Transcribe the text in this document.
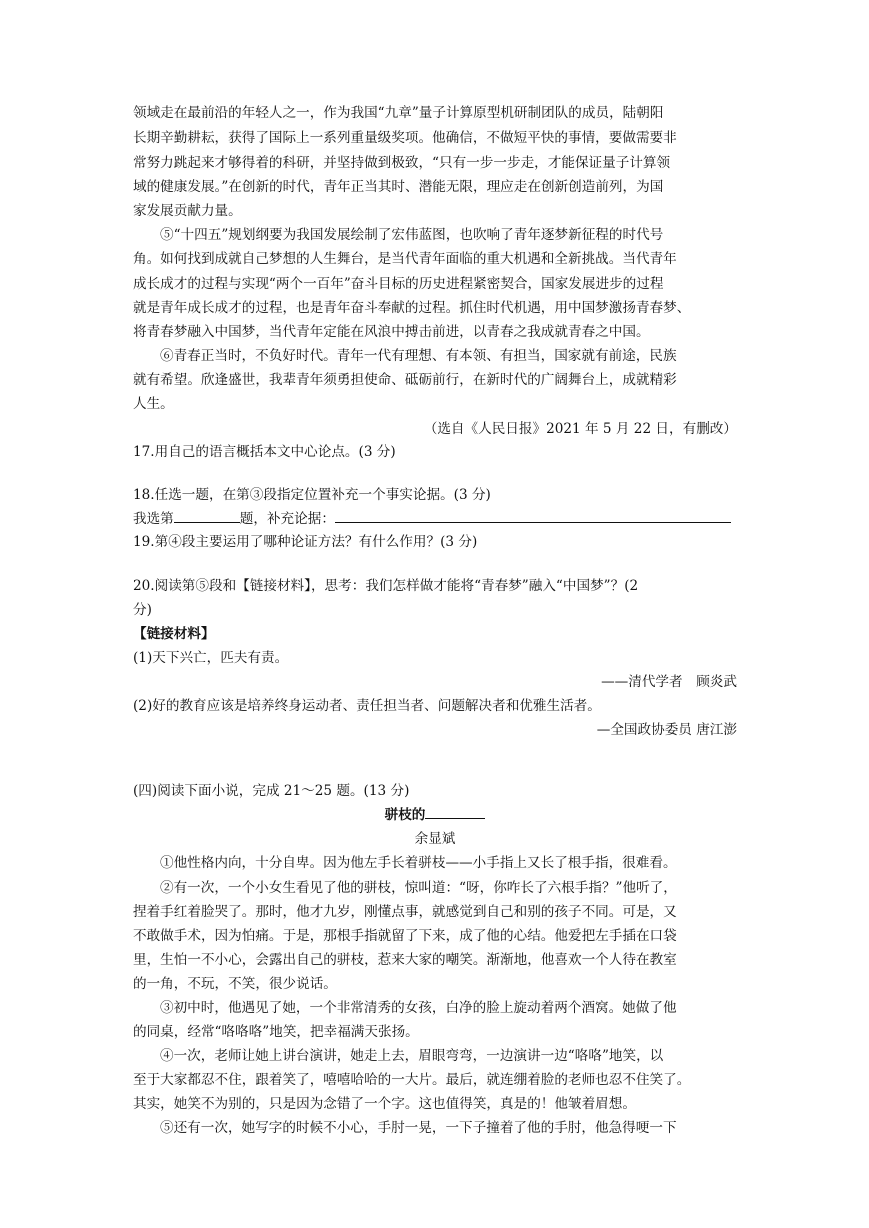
领域走在最前沿的年轻人之一，作为我国“九章”量子计算原型机研制团队的成员，陆朝阳
长期辛勤耕耘，获得了国际上一系列重量级奖项。他确信，不做短平快的事情，要做需要非
常努力跳起来才够得着的科研，并坚持做到极致，“只有一步一步走，才能保证量子计算领
域的健康发展。”在创新的时代，青年正当其时、潜能无限，理应走在创新创造前列，为国
家发展贡献力量。
⑤“十四五”规划纲要为我国发展绘制了宏伟蓝图，也吹响了青年逐梦新征程的时代号
角。如何找到成就自己梦想的人生舞台，是当代青年面临的重大机遇和全新挑战。当代青年
成长成才的过程与实现“两个一百年”奋斗目标的历史进程紧密契合，国家发展进步的过程
就是青年成长成才的过程，也是青年奋斗奉献的过程。抓住时代机遇，用中国梦激扬青春梦、
将青春梦融入中国梦，当代青年定能在风浪中搏击前进，以青春之我成就青春之中国。
⑥青春正当时，不负好时代。青年一代有理想、有本领、有担当，国家就有前途，民族
就有希望。欣逢盛世，我辈青年须勇担使命、砥砺前行，在新时代的广阔舞台上，成就精彩
人生。
（选自《人民日报》2021 年 5 月 22 日，有删改）
17.用自己的语言概括本文中心论点。(3 分)
18.任选一题，在第③段指定位置补充一个事实论据。(3 分)
我选第	题，补充论据：
19.第④段主要运用了哪种论证方法？有什么作用？(3 分)
20.阅读第⑤段和【链接材料】，思考：我们怎样做才能将“青春梦”融入“中国梦”？(2
分)
【链接材料】
(1)天下兴亡，匹夫有责。
——清代学者　顾炎武
(2)好的教育应该是培养终身运动者、责任担当者、问题解决者和优雅生活者。
—全国政协委员 唐江澎
(四)阅读下面小说，完成 21～25 题。(13 分)
骈枝的
余显斌
①他性格内向，十分自卑。因为他左手长着骈枝——小手指上又长了根手指，很难看。
②有一次，一个小女生看见了他的骈枝，惊叫道：“呀，你咋长了六根手指？”他听了，
捏着手红着脸哭了。那时，他才九岁，刚懂点事，就感觉到自己和别的孩子不同。可是，又
不敢做手术，因为怕痛。于是，那根手指就留了下来，成了他的心结。他爱把左手插在口袋
里，生怕一不小心，会露出自己的骈枝，惹来大家的嘲笑。渐渐地，他喜欢一个人待在教室
的一角，不玩，不笑，很少说话。
③初中时，他遇见了她，一个非常清秀的女孩，白净的脸上旋动着两个酒窝。她做了他
的同桌，经常“咯咯咯”地笑，把幸福满天张扬。
④一次，老师让她上讲台演讲，她走上去，眉眼弯弯，一边演讲一边“咯咯”地笑，以
至于大家都忍不住，跟着笑了，嘻嘻哈哈的一大片。最后，就连绷着脸的老师也忍不住笑了。
其实，她笑不为别的，只是因为念错了一个字。这也值得笑，真是的！他皱着眉想。
⑤还有一次，她写字的时候不小心，手肘一晃，一下子撞着了他的手肘，他急得哽一下
